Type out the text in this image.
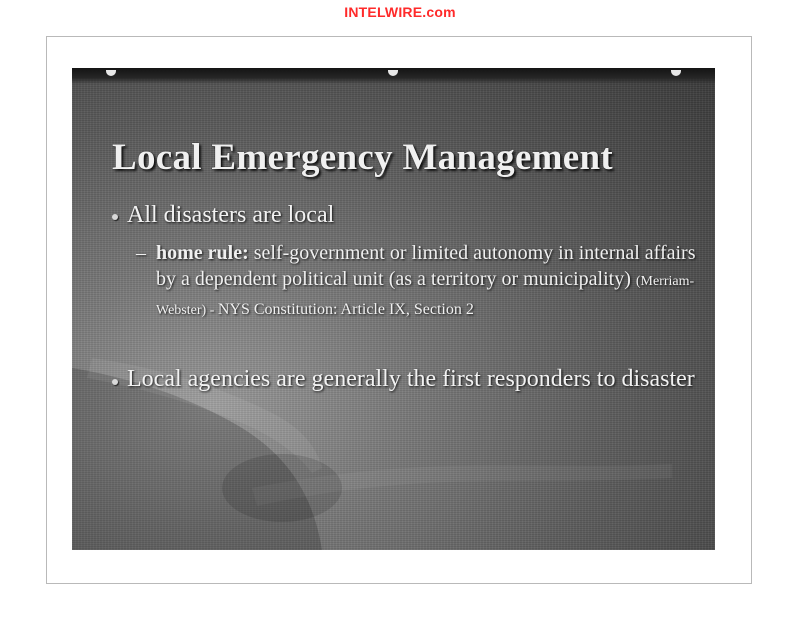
INTELWIRE.com
Local Emergency Management
All disasters are local
– home rule: self-government or limited autonomy in internal affairs by a dependent political unit (as a territory or municipality) (Merriam-Webster) - NYS Constitution: Article IX, Section 2
Local agencies are generally the first responders to disaster
